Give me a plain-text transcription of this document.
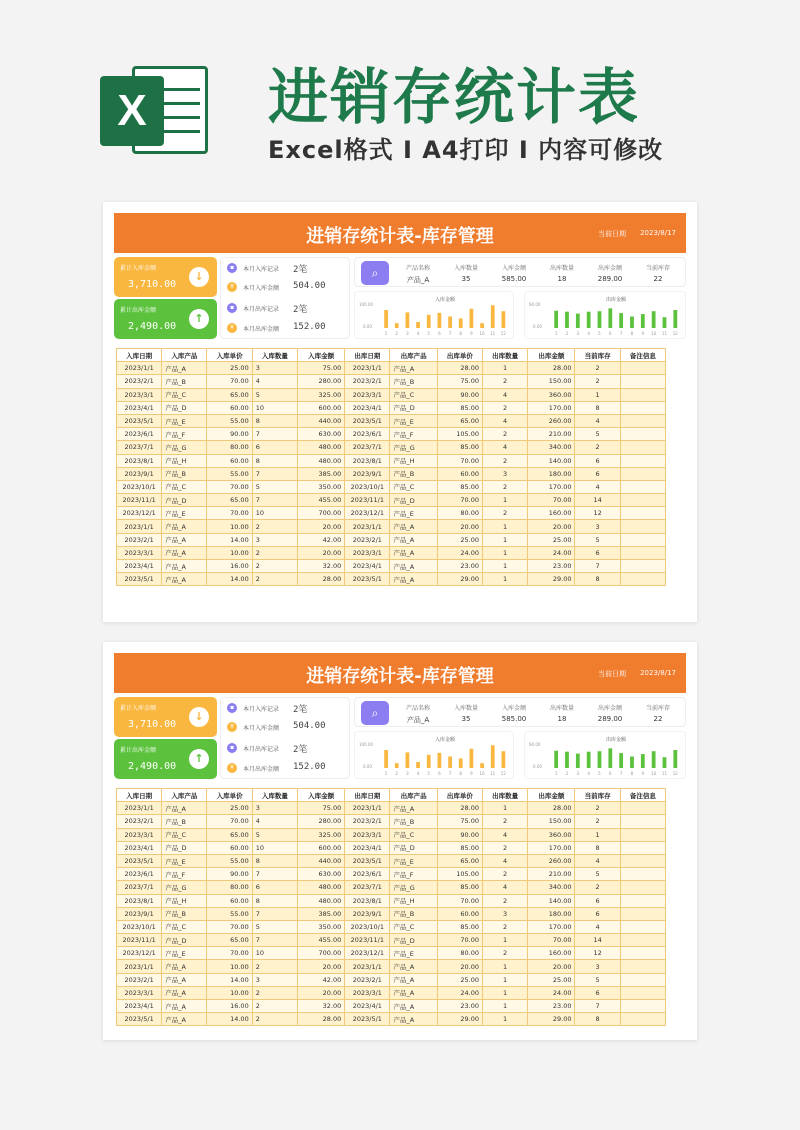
X 进销存统计表
Excel格式 I A4打印 I 内容可修改
进销存统计表-库存管理	当前日期 2023/8/17
累计入库金额
3,710.00
↓
累计出库金额
2,490.00
↑
▪	本月入库记录 2笔
¥	本月入库金额 504.00
▪	本月出库记录 2笔
¥	本月出库金额 152.00
⌕	产品名称	入库数量	入库金额	出库数量	出库金额	当前库存
产品_A	35	585.00	18	289.00	22
入库金额
100.00
0.00
1 2 3 4 5 6 7 8 9 10 11 12
出库金额
90.00
0.00
1 2 3 4 5 6 7 8 9 10 11 12
入库日期	入库产品	入库单价	入库数量	入库金额	出库日期	出库产品	出库单价	出库数量	出库金额	当前库存	备注信息
2023/1/1	产品_A	25.00	3	75.00	2023/1/1	产品_A	28.00	1	28.00	2	
2023/2/1	产品_B	70.00	4	280.00	2023/2/1	产品_B	75.00	2	150.00	2	
2023/3/1	产品_C	65.00	5	325.00	2023/3/1	产品_C	90.00	4	360.00	1	
2023/4/1	产品_D	60.00	10	600.00	2023/4/1	产品_D	85.00	2	170.00	8	
2023/5/1	产品_E	55.00	8	440.00	2023/5/1	产品_E	65.00	4	260.00	4	
2023/6/1	产品_F	90.00	7	630.00	2023/6/1	产品_F	105.00	2	210.00	5	
2023/7/1	产品_G	80.00	6	480.00	2023/7/1	产品_G	85.00	4	340.00	2	
2023/8/1	产品_H	60.00	8	480.00	2023/8/1	产品_H	70.00	2	140.00	6	
2023/9/1	产品_B	55.00	7	385.00	2023/9/1	产品_B	60.00	3	180.00	6	
2023/10/1	产品_C	70.00	5	350.00	2023/10/1	产品_C	85.00	2	170.00	4	
2023/11/1	产品_D	65.00	7	455.00	2023/11/1	产品_D	70.00	1	70.00	14	
2023/12/1	产品_E	70.00	10	700.00	2023/12/1	产品_E	80.00	2	160.00	12	
2023/1/1	产品_A	10.00	2	20.00	2023/1/1	产品_A	20.00	1	20.00	3	
2023/2/1	产品_A	14.00	3	42.00	2023/2/1	产品_A	25.00	1	25.00	5	
2023/3/1	产品_A	10.00	2	20.00	2023/3/1	产品_A	24.00	1	24.00	6	
2023/4/1	产品_A	16.00	2	32.00	2023/4/1	产品_A	23.00	1	23.00	7	
2023/5/1	产品_A	14.00	2	28.00	2023/5/1	产品_A	29.00	1	29.00	8	
进销存统计表-库存管理	当前日期 2023/8/17
累计入库金额
3,710.00
↓
累计出库金额
2,490.00
↑
▪	本月入库记录 2笔
¥	本月入库金额 504.00
▪	本月出库记录 2笔
¥	本月出库金额 152.00
⌕	产品名称	入库数量	入库金额	出库数量	出库金额	当前库存
产品_A	35	585.00	18	289.00	22
入库金额
100.00
0.00
1 2 3 4 5 6 7 8 9 10 11 12
出库金额
90.00
0.00
1 2 3 4 5 6 7 8 9 10 11 12
入库日期	入库产品	入库单价	入库数量	入库金额	出库日期	出库产品	出库单价	出库数量	出库金额	当前库存	备注信息
2023/1/1	产品_A	25.00	3	75.00	2023/1/1	产品_A	28.00	1	28.00	2	
2023/2/1	产品_B	70.00	4	280.00	2023/2/1	产品_B	75.00	2	150.00	2	
2023/3/1	产品_C	65.00	5	325.00	2023/3/1	产品_C	90.00	4	360.00	1	
2023/4/1	产品_D	60.00	10	600.00	2023/4/1	产品_D	85.00	2	170.00	8	
2023/5/1	产品_E	55.00	8	440.00	2023/5/1	产品_E	65.00	4	260.00	4	
2023/6/1	产品_F	90.00	7	630.00	2023/6/1	产品_F	105.00	2	210.00	5	
2023/7/1	产品_G	80.00	6	480.00	2023/7/1	产品_G	85.00	4	340.00	2	
2023/8/1	产品_H	60.00	8	480.00	2023/8/1	产品_H	70.00	2	140.00	6	
2023/9/1	产品_B	55.00	7	385.00	2023/9/1	产品_B	60.00	3	180.00	6	
2023/10/1	产品_C	70.00	5	350.00	2023/10/1	产品_C	85.00	2	170.00	4	
2023/11/1	产品_D	65.00	7	455.00	2023/11/1	产品_D	70.00	1	70.00	14	
2023/12/1	产品_E	70.00	10	700.00	2023/12/1	产品_E	80.00	2	160.00	12	
2023/1/1	产品_A	10.00	2	20.00	2023/1/1	产品_A	20.00	1	20.00	3	
2023/2/1	产品_A	14.00	3	42.00	2023/2/1	产品_A	25.00	1	25.00	5	
2023/3/1	产品_A	10.00	2	20.00	2023/3/1	产品_A	24.00	1	24.00	6	
2023/4/1	产品_A	16.00	2	32.00	2023/4/1	产品_A	23.00	1	23.00	7	
2023/5/1	产品_A	14.00	2	28.00	2023/5/1	产品_A	29.00	1	29.00	8	
